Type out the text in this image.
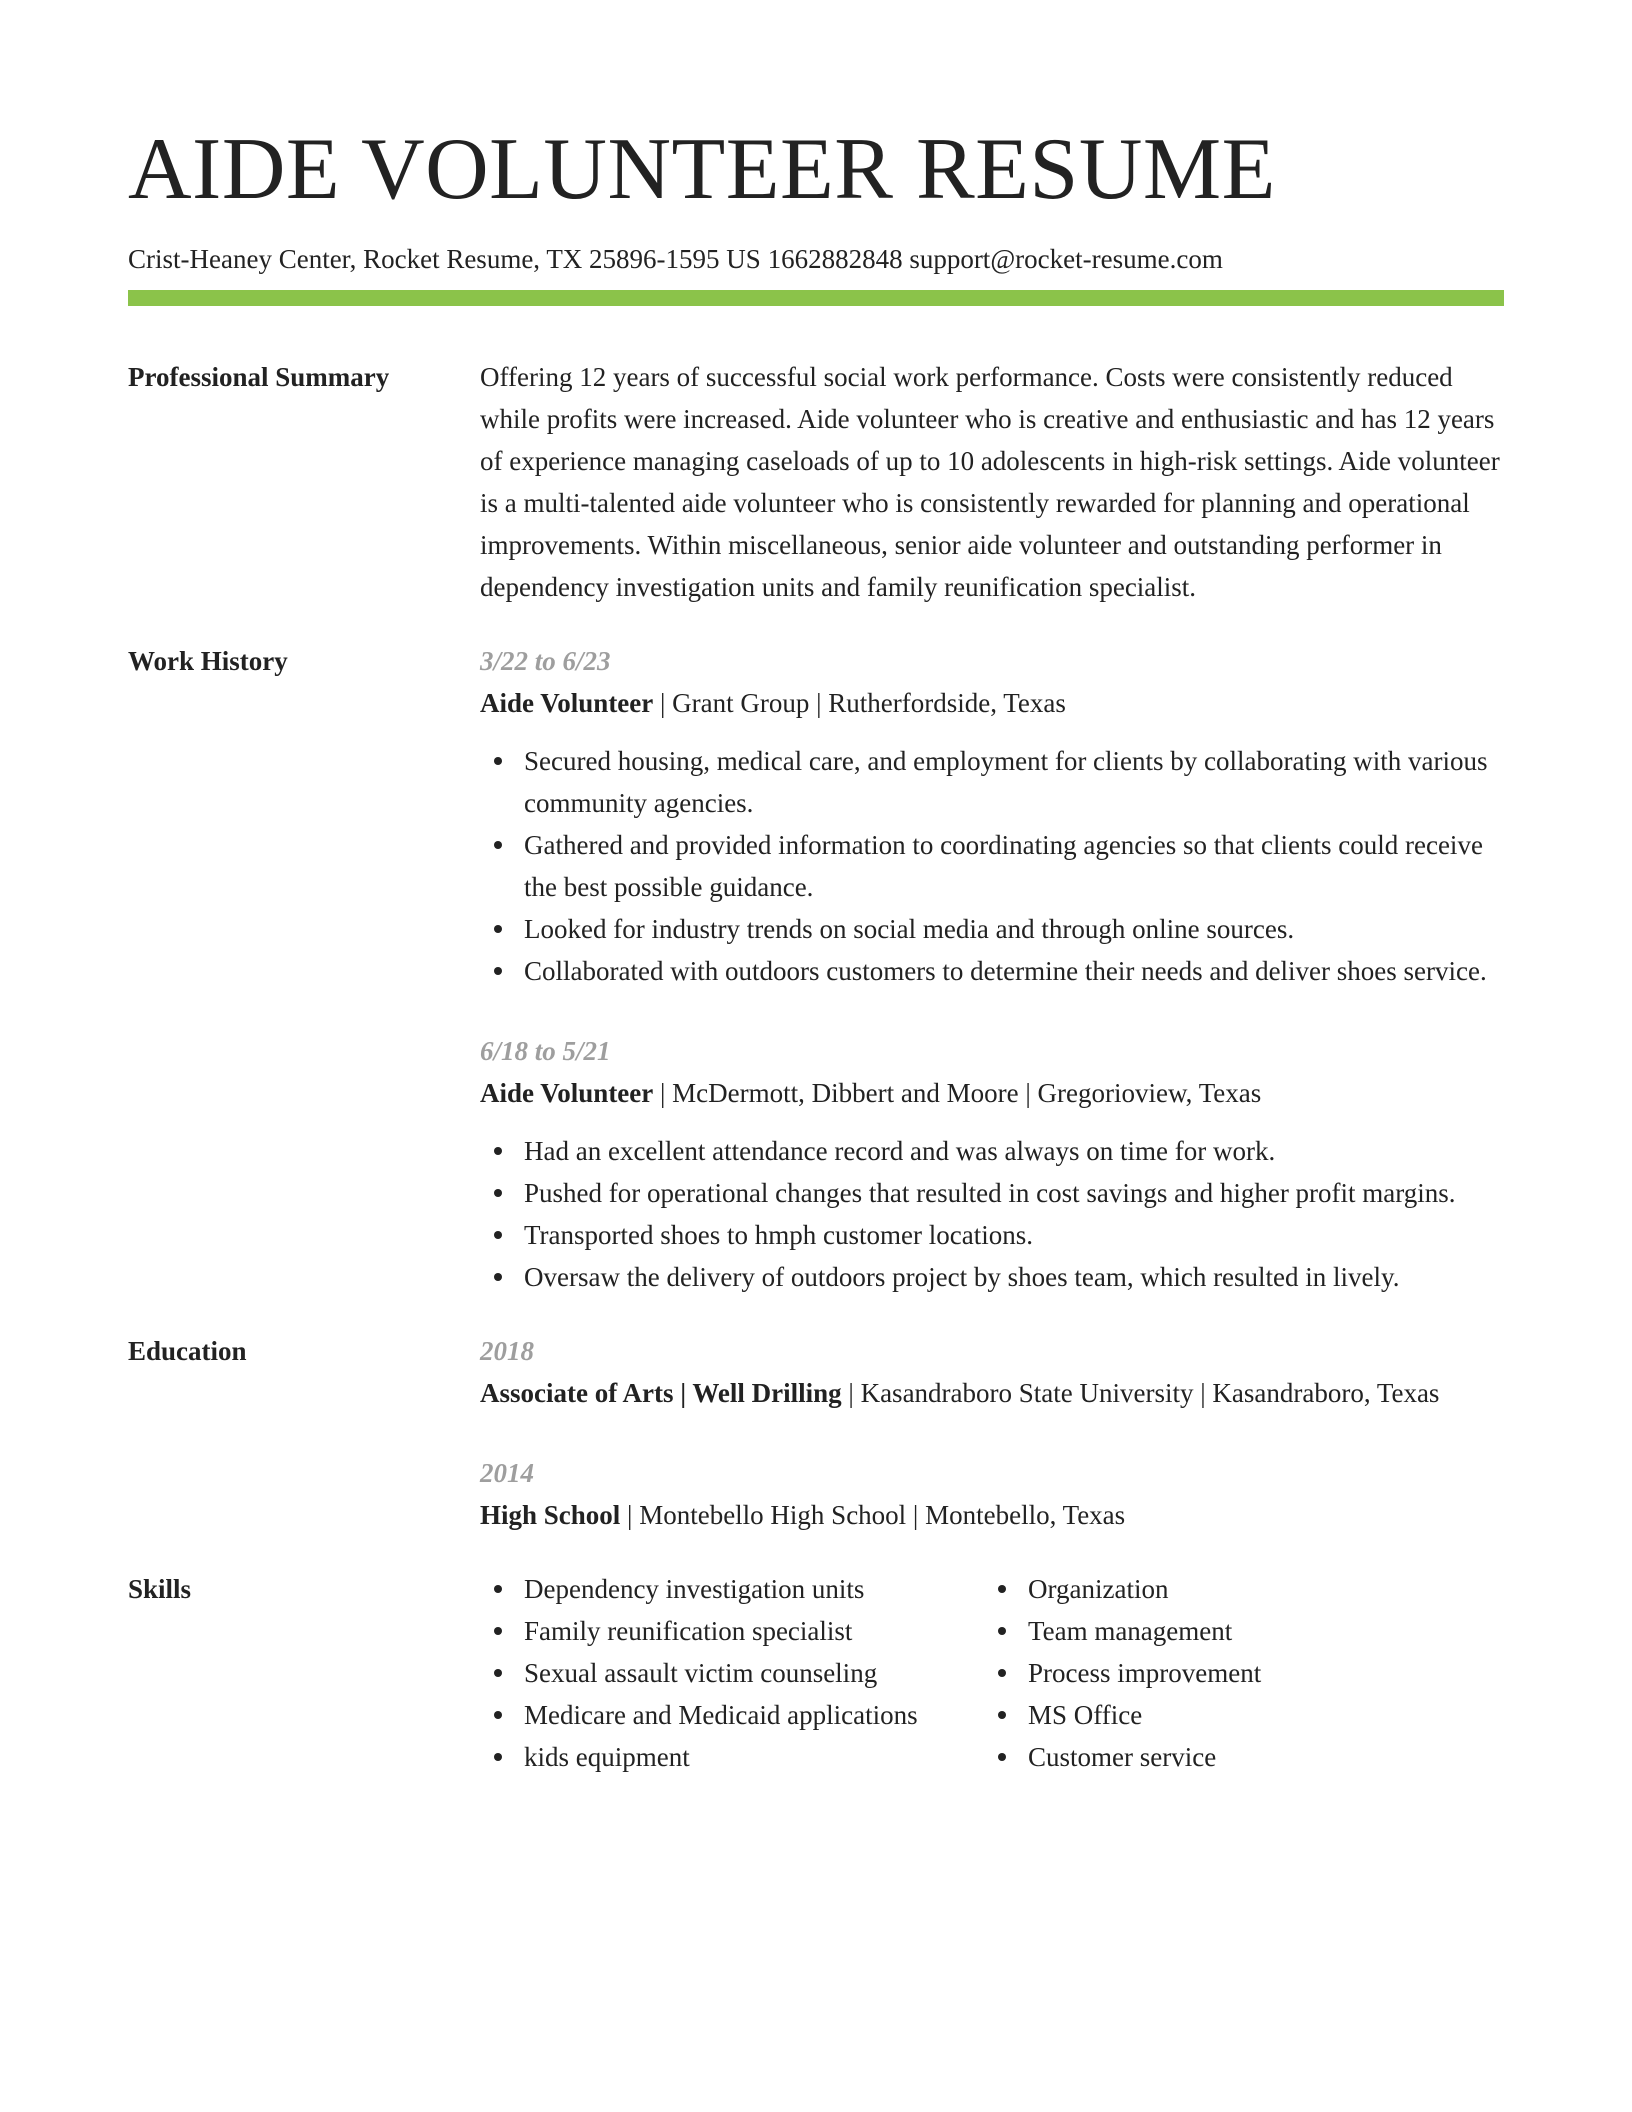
AIDE VOLUNTEER RESUME
Crist-Heaney Center, Rocket Resume, TX 25896-1595 US 1662882848 support@rocket-resume.com
Professional Summary	Offering 12 years of successful social work performance. Costs were consistently reduced while profits were increased. Aide volunteer who is creative and enthusiastic and has 12 years of experience managing caseloads of up to 10 adolescents in high-risk settings. Aide volunteer is a multi-talented aide volunteer who is consistently rewarded for planning and operational improvements. Within miscellaneous, senior aide volunteer and outstanding performer in dependency investigation units and family reunification specialist.
Work History	3/22 to 6/23
Aide Volunteer | Grant Group | Rutherfordside, Texas
Secured housing, medical care, and employment for clients by collaborating with various community agencies.
Gathered and provided information to coordinating agencies so that clients could receive the best possible guidance.
Looked for industry trends on social media and through online sources.
Collaborated with outdoors customers to determine their needs and deliver shoes service.
6/18 to 5/21
Aide Volunteer | McDermott, Dibbert and Moore | Gregorioview, Texas
Had an excellent attendance record and was always on time for work.
Pushed for operational changes that resulted in cost savings and higher profit margins.
Transported shoes to hmph customer locations.
Oversaw the delivery of outdoors project by shoes team, which resulted in lively.
Education	2018
Associate of Arts | Well Drilling | Kasandraboro State University | Kasandraboro, Texas
2014
High School | Montebello High School | Montebello, Texas
Skills	Dependency investigation units
Family reunification specialist
Sexual assault victim counseling
Medicare and Medicaid applications
kids equipment
Organization
Team management
Process improvement
MS Office
Customer service
